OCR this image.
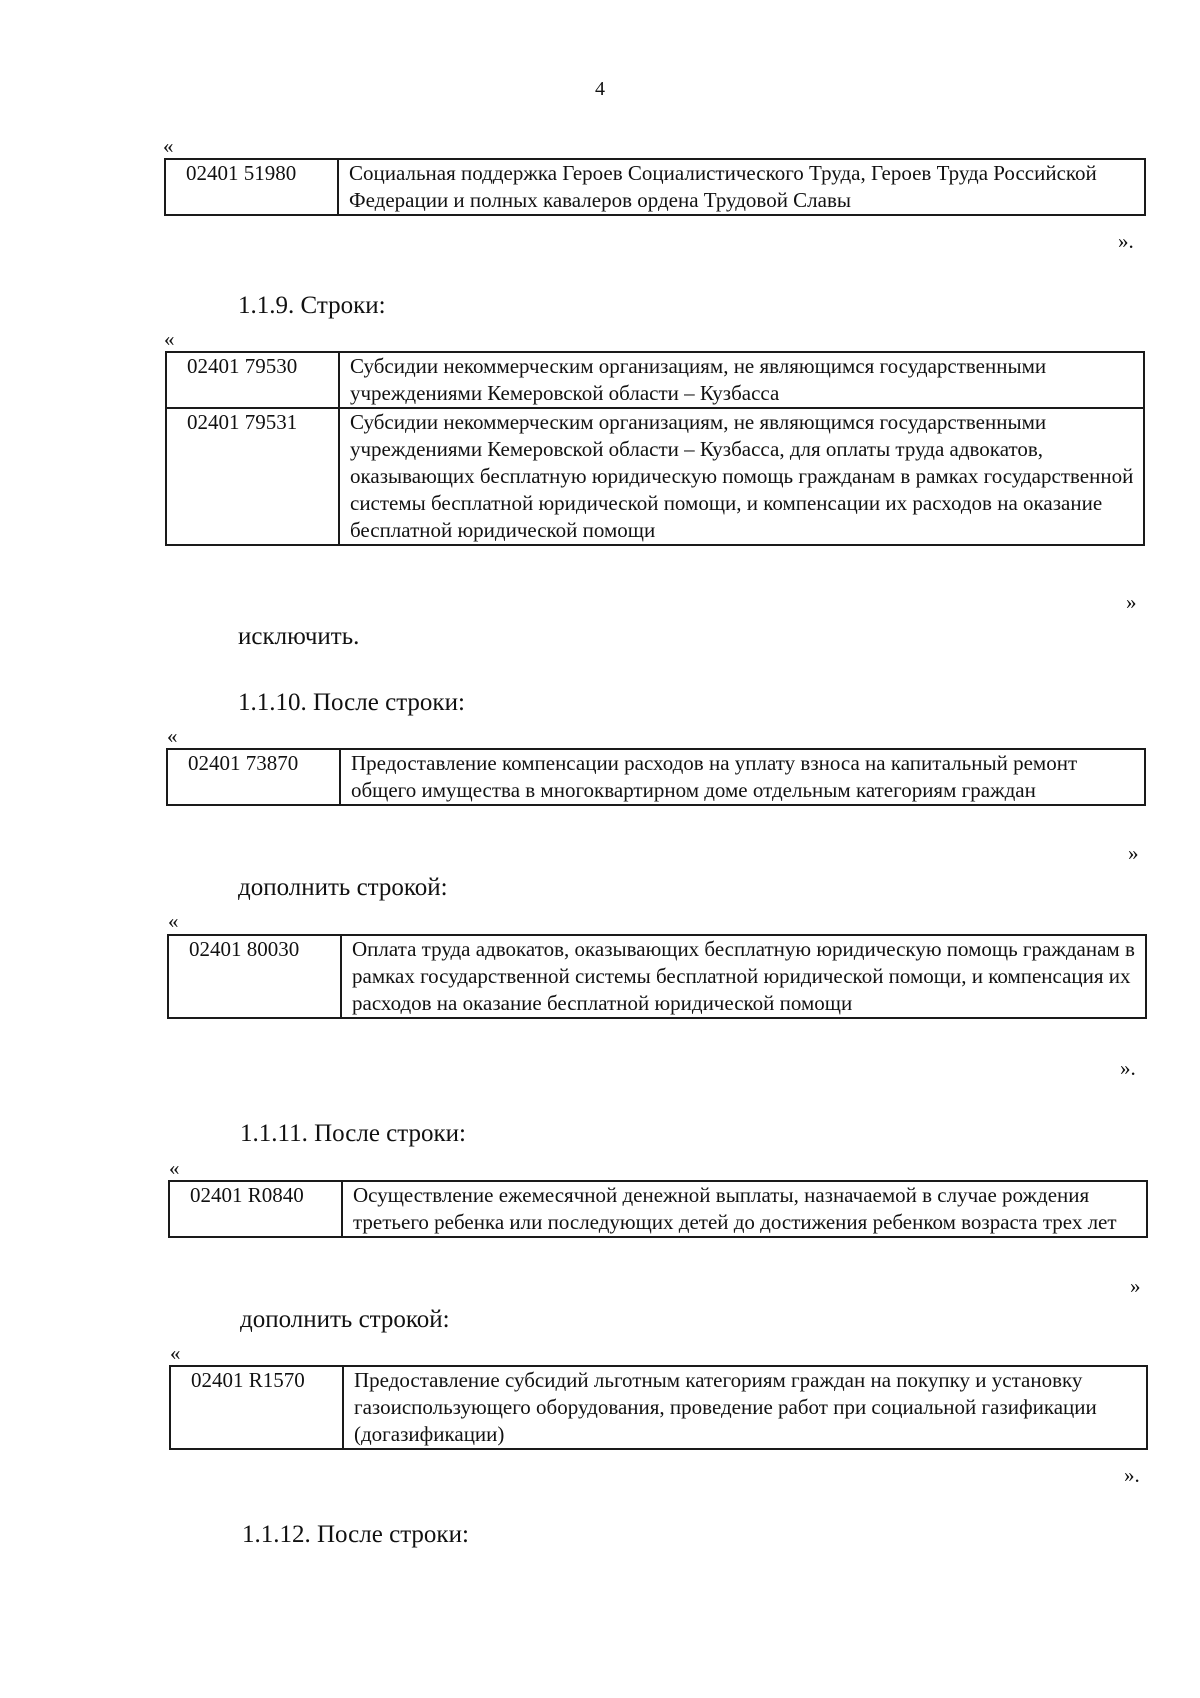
4
«
02401 51980	Социальная поддержка Героев Социалистического Труда, Героев Труда Российской Федерации и полных кавалеров ордена Трудовой Славы
».
1.1.9. Строки:
«
02401 79530	Субсидии некоммерческим организациям, не являющимся государственными учреждениями Кемеровской области – Кузбасса
02401 79531	Субсидии некоммерческим организациям, не являющимся государственными учреждениями Кемеровской области – Кузбасса, для оплаты труда адвокатов, оказывающих бесплатную юридическую помощь гражданам в рамках государственной системы бесплатной юридической помощи, и компенсации их расходов на оказание бесплатной юридической помощи
»
исключить.
1.1.10. После строки:
«
02401 73870	Предоставление компенсации расходов на уплату взноса на капитальный ремонт общего имущества в многоквартирном доме отдельным категориям граждан
»
дополнить строкой:
«
02401 80030	Оплата труда адвокатов, оказывающих бесплатную юридическую помощь гражданам в рамках государственной системы бесплатной юридической помощи, и компенсация их расходов на оказание бесплатной юридической помощи
».
1.1.11. После строки:
«
02401 R0840	Осуществление ежемесячной денежной выплаты, назначаемой в случае рождения третьего ребенка или последующих детей до достижения ребенком возраста трех лет
»
дополнить строкой:
«
02401 R1570	Предоставление субсидий льготным категориям граждан на покупку и установку газоиспользующего оборудования, проведение работ при социальной газификации (догазификации)
».
1.1.12. После строки:
